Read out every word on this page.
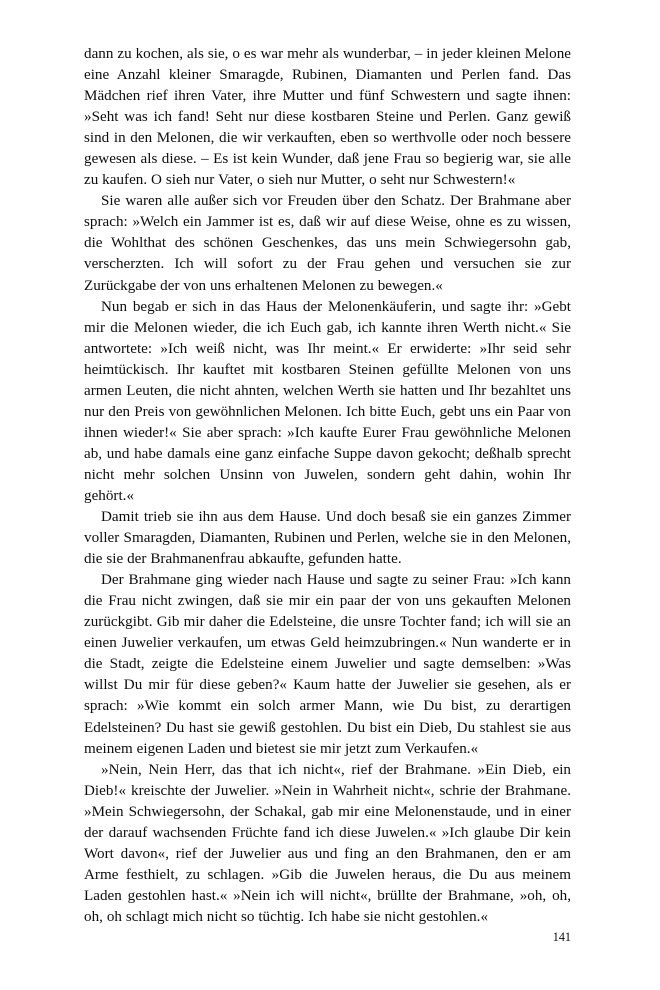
dann zu kochen, als sie, o es war mehr als wunderbar, – in jeder kleinen Melone eine Anzahl kleiner Smaragde, Rubinen, Diamanten und Perlen fand. Das Mädchen rief ihren Vater, ihre Mutter und fünf Schwestern und sagte ihnen: »Seht was ich fand! Seht nur diese kostbaren Steine und Perlen. Ganz gewiß sind in den Melonen, die wir verkauften, eben so werthvolle oder noch bessere gewesen als diese. – Es ist kein Wunder, daß jene Frau so begierig war, sie alle zu kaufen. O sieh nur Vater, o sieh nur Mutter, o seht nur Schwestern!«

Sie waren alle außer sich vor Freuden über den Schatz. Der Brahmane aber sprach: »Welch ein Jammer ist es, daß wir auf diese Weise, ohne es zu wissen, die Wohlthat des schönen Geschenkes, das uns mein Schwiegersohn gab, verscherzten. Ich will sofort zu der Frau gehen und versuchen sie zur Zurückgabe der von uns erhaltenen Melonen zu bewegen.«

Nun begab er sich in das Haus der Melonenkäuferin, und sagte ihr: »Gebt mir die Melonen wieder, die ich Euch gab, ich kannte ihren Werth nicht.« Sie antwortete: »Ich weiß nicht, was Ihr meint.« Er erwiderte: »Ihr seid sehr heimtückisch. Ihr kauftet mit kostbaren Steinen gefüllte Melonen von uns armen Leuten, die nicht ahnten, welchen Werth sie hatten und Ihr bezahltet uns nur den Preis von gewöhnlichen Melonen. Ich bitte Euch, gebt uns ein Paar von ihnen wieder!« Sie aber sprach: »Ich kaufte Eurer Frau gewöhnliche Melonen ab, und habe damals eine ganz einfache Suppe davon gekocht; deßhalb sprecht nicht mehr solchen Unsinn von Juwelen, sondern geht dahin, wohin Ihr gehört.«

Damit trieb sie ihn aus dem Hause. Und doch besaß sie ein ganzes Zimmer voller Smaragden, Diamanten, Rubinen und Perlen, welche sie in den Melonen, die sie der Brahmanenfrau abkaufte, gefunden hatte.

Der Brahmane ging wieder nach Hause und sagte zu seiner Frau: »Ich kann die Frau nicht zwingen, daß sie mir ein paar der von uns gekauften Melonen zurückgibt. Gib mir daher die Edelsteine, die unsre Tochter fand; ich will sie an einen Juwelier verkaufen, um etwas Geld heimzubringen.« Nun wanderte er in die Stadt, zeigte die Edelsteine einem Juwelier und sagte demselben: »Was willst Du mir für diese geben?« Kaum hatte der Juwelier sie gesehen, als er sprach: »Wie kommt ein solch armer Mann, wie Du bist, zu derartigen Edelsteinen? Du hast sie gewiß gestohlen. Du bist ein Dieb, Du stahlest sie aus meinem eigenen Laden und bietest sie mir jetzt zum Verkaufen.«

»Nein, Nein Herr, das that ich nicht«, rief der Brahmane. »Ein Dieb, ein Dieb!« kreischte der Juwelier. »Nein in Wahrheit nicht«, schrie der Brahmane. »Mein Schwiegersohn, der Schakal, gab mir eine Melonenstaude, und in einer der darauf wachsenden Früchte fand ich diese Juwelen.« »Ich glaube Dir kein Wort davon«, rief der Juwelier aus und fing an den Brahmanen, den er am Arme festhielt, zu schlagen. »Gib die Juwelen heraus, die Du aus meinem Laden gestohlen hast.« »Nein ich will nicht«, brüllte der Brahmane, »oh, oh, oh, oh schlagt mich nicht so tüchtig. Ich habe sie nicht gestohlen.«

141
